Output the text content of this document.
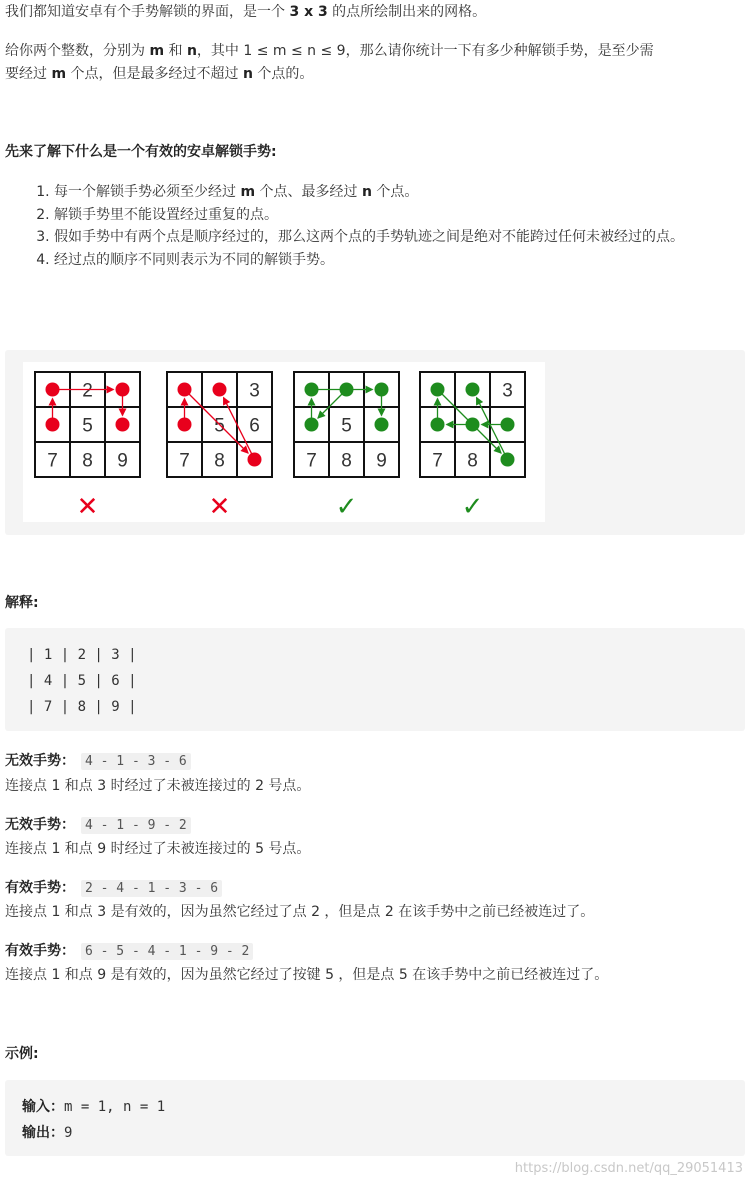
我们都知道安卓有个手势解锁的界面，是一个 3 x 3 的点所绘制出来的网格。
给你两个整数，分别为 m 和 n，其中 1 ≤ m ≤ n ≤ 9，那么请你统计一下有多少种解锁手势，是至少需
要经过 m 个点，但是最多经过不超过 n 个点的。
先来了解下什么是一个有效的安卓解锁手势:
1. 每一个解锁手势必须至少经过 m 个点、最多经过 n 个点。
2. 解锁手势里不能设置经过重复的点。
3. 假如手势中有两个点是顺序经过的，那么这两个点的手势轨迹之间是绝对不能跨过任何未被经过的点。
4. 经过点的顺序不同则表示为不同的解锁手势。
2
5
7 8 9
✕
3
5 6
7 8
✕
5
7 8 9
✓
3
7 8
✓
解释:
| 1 | 2 | 3 |
| 4 | 5 | 6 |
| 7 | 8 | 9 |
无效手势： 4 - 1 - 3 - 6
连接点 1 和点 3 时经过了未被连接过的 2 号点。
无效手势： 4 - 1 - 9 - 2
连接点 1 和点 9 时经过了未被连接过的 5 号点。
有效手势： 2 - 4 - 1 - 3 - 6
连接点 1 和点 3 是有效的，因为虽然它经过了点 2 ，但是点 2 在该手势中之前已经被连过了。
有效手势： 6 - 5 - 4 - 1 - 9 - 2
连接点 1 和点 9 是有效的，因为虽然它经过了按键 5 ，但是点 5 在该手势中之前已经被连过了。
示例:
输入：m = 1, n = 1
输出：9
https://blog.csdn.net/qq_29051413
